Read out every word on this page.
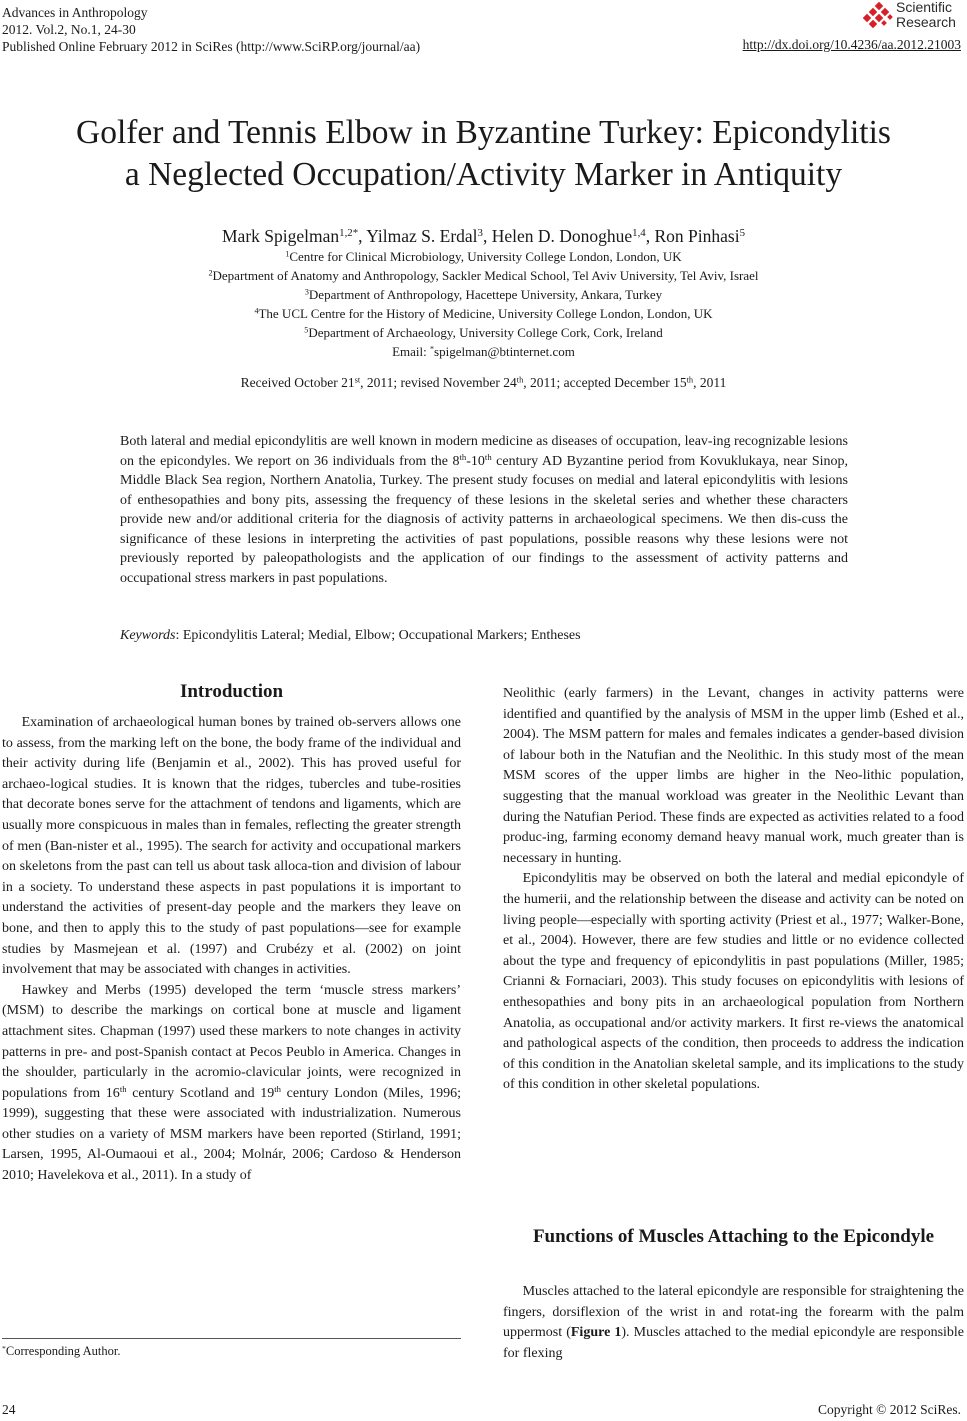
Advances in Anthropology
2012. Vol.2, No.1, 24-30
Published Online February 2012 in SciRes (http://www.SciRP.org/journal/aa)
Scientific
Research
http://dx.doi.org/10.4236/aa.2012.21003
Golfer and Tennis Elbow in Byzantine Turkey: Epicondylitis
a Neglected Occupation/Activity Marker in Antiquity
Mark Spigelman$^{1,2*}$, Yilmaz S. Erdal$^3$, Helen D. Donoghue$^{1,4}$, Ron Pinhasi$^5$
$^1$Centre for Clinical Microbiology, University College London, London, UK
$^2$Department of Anatomy and Anthropology, Sackler Medical School, Tel Aviv University, Tel Aviv, Israel
$^3$Department of Anthropology, Hacettepe University, Ankara, Turkey
$^4$The UCL Centre for the History of Medicine, University College London, London, UK
$^5$Department of Archaeology, University College Cork, Cork, Ireland
Email: *spigelman@btinternet.com
Received October 21st, 2011; revised November 24th, 2011; accepted December 15th, 2011
Both lateral and medial epicondylitis are well known in modern medicine as diseases of occupation, leav-ing recognizable lesions on the epicondyles. We report on 36 individuals from the 8th-10th century AD Byzantine period from Kovuklukaya, near Sinop, Middle Black Sea region, Northern Anatolia, Turkey. The present study focuses on medial and lateral epicondylitis with lesions of enthesopathies and bony pits, assessing the frequency of these lesions in the skeletal series and whether these characters provide new and/or additional criteria for the diagnosis of activity patterns in archaeological specimens. We then dis-cuss the significance of these lesions in interpreting the activities of past populations, possible reasons why these lesions were not previously reported by paleopathologists and the application of our findings to the assessment of activity patterns and occupational stress markers in past populations.
Keywords: Epicondylitis Lateral; Medial, Elbow; Occupational Markers; Entheses
Introduction

Examination of archaeological human bones by trained ob-servers allows one to assess, from the marking left on the bone, the body frame of the individual and their activity during life (Benjamin et al., 2002). This has proved useful for archaeo-logical studies. It is known that the ridges, tubercles and tube-rosities that decorate bones serve for the attachment of tendons and ligaments, which are usually more conspicuous in males than in females, reflecting the greater strength of men (Ban-nister et al., 1995). The search for activity and occupational markers on skeletons from the past can tell us about task alloca-tion and division of labour in a society. To understand these aspects in past populations it is important to understand the activities of present-day people and the markers they leave on bone, and then to apply this to the study of past populations—see for example studies by Masmejean et al. (1997) and Crubézy et al. (2002) on joint involvement that may be associated with changes in activities.

Hawkey and Merbs (1995) developed the term ‘muscle stress markers’ (MSM) to describe the markings on cortical bone at muscle and ligament attachment sites. Chapman (1997) used these markers to note changes in activity patterns in pre- and post-Spanish contact at Pecos Peublo in America. Changes in the shoulder, particularly in the acromio-clavicular joints, were recognized in populations from 16th century Scotland and 19th century London (Miles, 1996; 1999), suggesting that these were associated with industrialization. Numerous other studies on a variety of MSM markers have been reported (Stirland, 1991; Larsen, 1995, Al-Oumaoui et al., 2004; Molnár, 2006; Cardoso & Henderson 2010; Havelekova et al., 2011). In a study of

Neolithic (early farmers) in the Levant, changes in activity patterns were identified and quantified by the analysis of MSM in the upper limb (Eshed et al., 2004). The MSM pattern for males and females indicates a gender-based division of labour both in the Natufian and the Neolithic. In this study most of the mean MSM scores of the upper limbs are higher in the Neo-lithic population, suggesting that the manual workload was greater in the Neolithic Levant than during the Natufian Period. These finds are expected as activities related to a food produc-ing, farming economy demand heavy manual work, much greater than is necessary in hunting.

Epicondylitis may be observed on both the lateral and medial epicondyle of the humerii, and the relationship between the disease and activity can be noted on living people—especially with sporting activity (Priest et al., 1977; Walker-Bone, et al., 2004). However, there are few studies and little or no evidence collected about the type and frequency of epicondylitis in past populations (Miller, 1985; Crianni & Fornaciari, 2003). This study focuses on epicondylitis with lesions of enthesopathies and bony pits in an archaeological population from Northern Anatolia, as occupational and/or activity markers. It first re-views the anatomical and pathological aspects of the condition, then proceeds to address the indication of this condition in the Anatolian skeletal sample, and its implications to the study of this condition in other skeletal populations.

Functions of Muscles Attaching to the Epicondyle

Muscles attached to the lateral epicondyle are responsible for straightening the fingers, dorsiflexion of the wrist in and rotat-ing the forearm with the palm uppermost (Figure 1). Muscles attached to the medial epicondyle are responsible for flexing

*Corresponding Author.
24	Copyright © 2012 SciRes.
